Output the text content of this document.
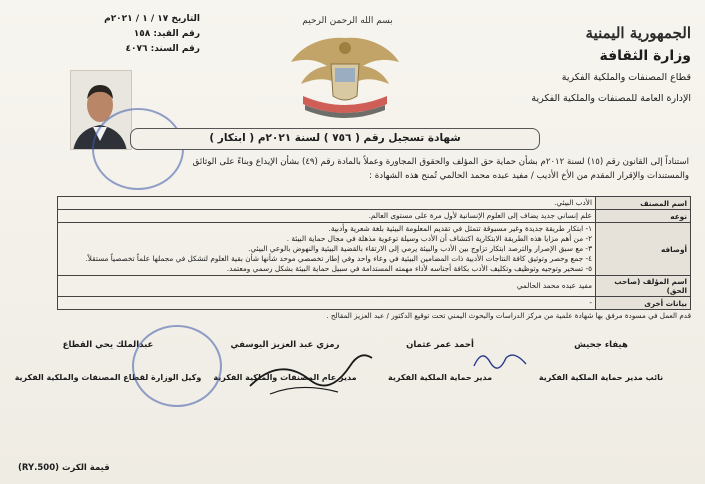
الجمهورية اليمنية
وزارة الثقافة
قطاع المصنفات والملكية الفكرية
الإدارة العامة للمصنفات والملكية الفكرية
التاريخ ١٧ / ١ / ٢٠٢١م
رقم القيد: ١٥٨
رقم السند: ٤٠٧٦
بسم الله الرحمن الرحيم
شهادة تسجيل رقم ( ٧٥٦ ) لسنة ٢٠٢١م ( ابتكار )
استناداً إلى القانون رقم (١٥) لسنة ٢٠١٢م بشأن حماية حق المؤلف والحقوق المجاورة وعملاً بالمادة رقم (٤٩) بشأن الإيداع وبناءً على الوثائق
والمستندات والإقرار المقدم من الأخ الأديب / مفيد عبده محمد الحالمي تُمنح هذه الشهادة :
اسم المصنف	الأدب البيئي.
نوعه	علم إنساني جديد يضاف إلى العلوم الإنسانية لأول مرة على مستوى العالم.
أوصافه	١- ابتكار طريقة جديدة وغير مسبوقة تتمثل في تقديم المعلومة البيئية بلغة شعرية وأدبية.
٢- من أهم مزايا هذه الطريقة الابتكارية اكتشاف أن الأدب وسيلة توعوية مذهلة في مجال حماية البيئة .
٣- مع سبق الإصرار والترصد ابتكار تزاوج بين الأدب والبيئة يرمي إلى الارتقاء بالقضية البيئية والنهوض بالوعي البيئي.
٤- جمع وحصر وتوثيق كافة النتاجات الأدبية ذات المضامين البيئية في وعاء واحد وفي إطار تخصصي موحد شأنها شأن بقية العلوم لتشكل في مجملها علماً تخصصياً مستقلاً.
٥- تسخير وتوجيه وتوظيف وتكليف الأدب بكافة أجناسه لأداء مهمته المستدامة في سبيل حماية البيئة بشكل رسمي ومعتمد.

اسم المؤلف (صاحب الحق)	مفيد عبده محمد الحالمي
بيانات أخرى	-
قدم العمل في مسودة مرفق بها شهادة علمية من مركز الدراسات والبحوث اليمني تحت توقيع الدكتور / عبد العزيز المقالح .
هيفاء جحيش
نائب مدير حماية الملكية الفكرية
أحمد عمر عثمان
مدير حماية الملكية الفكرية
رمزي عبد العزيز اليوسفي
مدير عام المصنفات والملكية الفكرية
عبدالملك يحي القطاع
وكيل الوزارة لقطاع المصنفات والملكية الفكرية
قيمة الكرت (500.RY)
